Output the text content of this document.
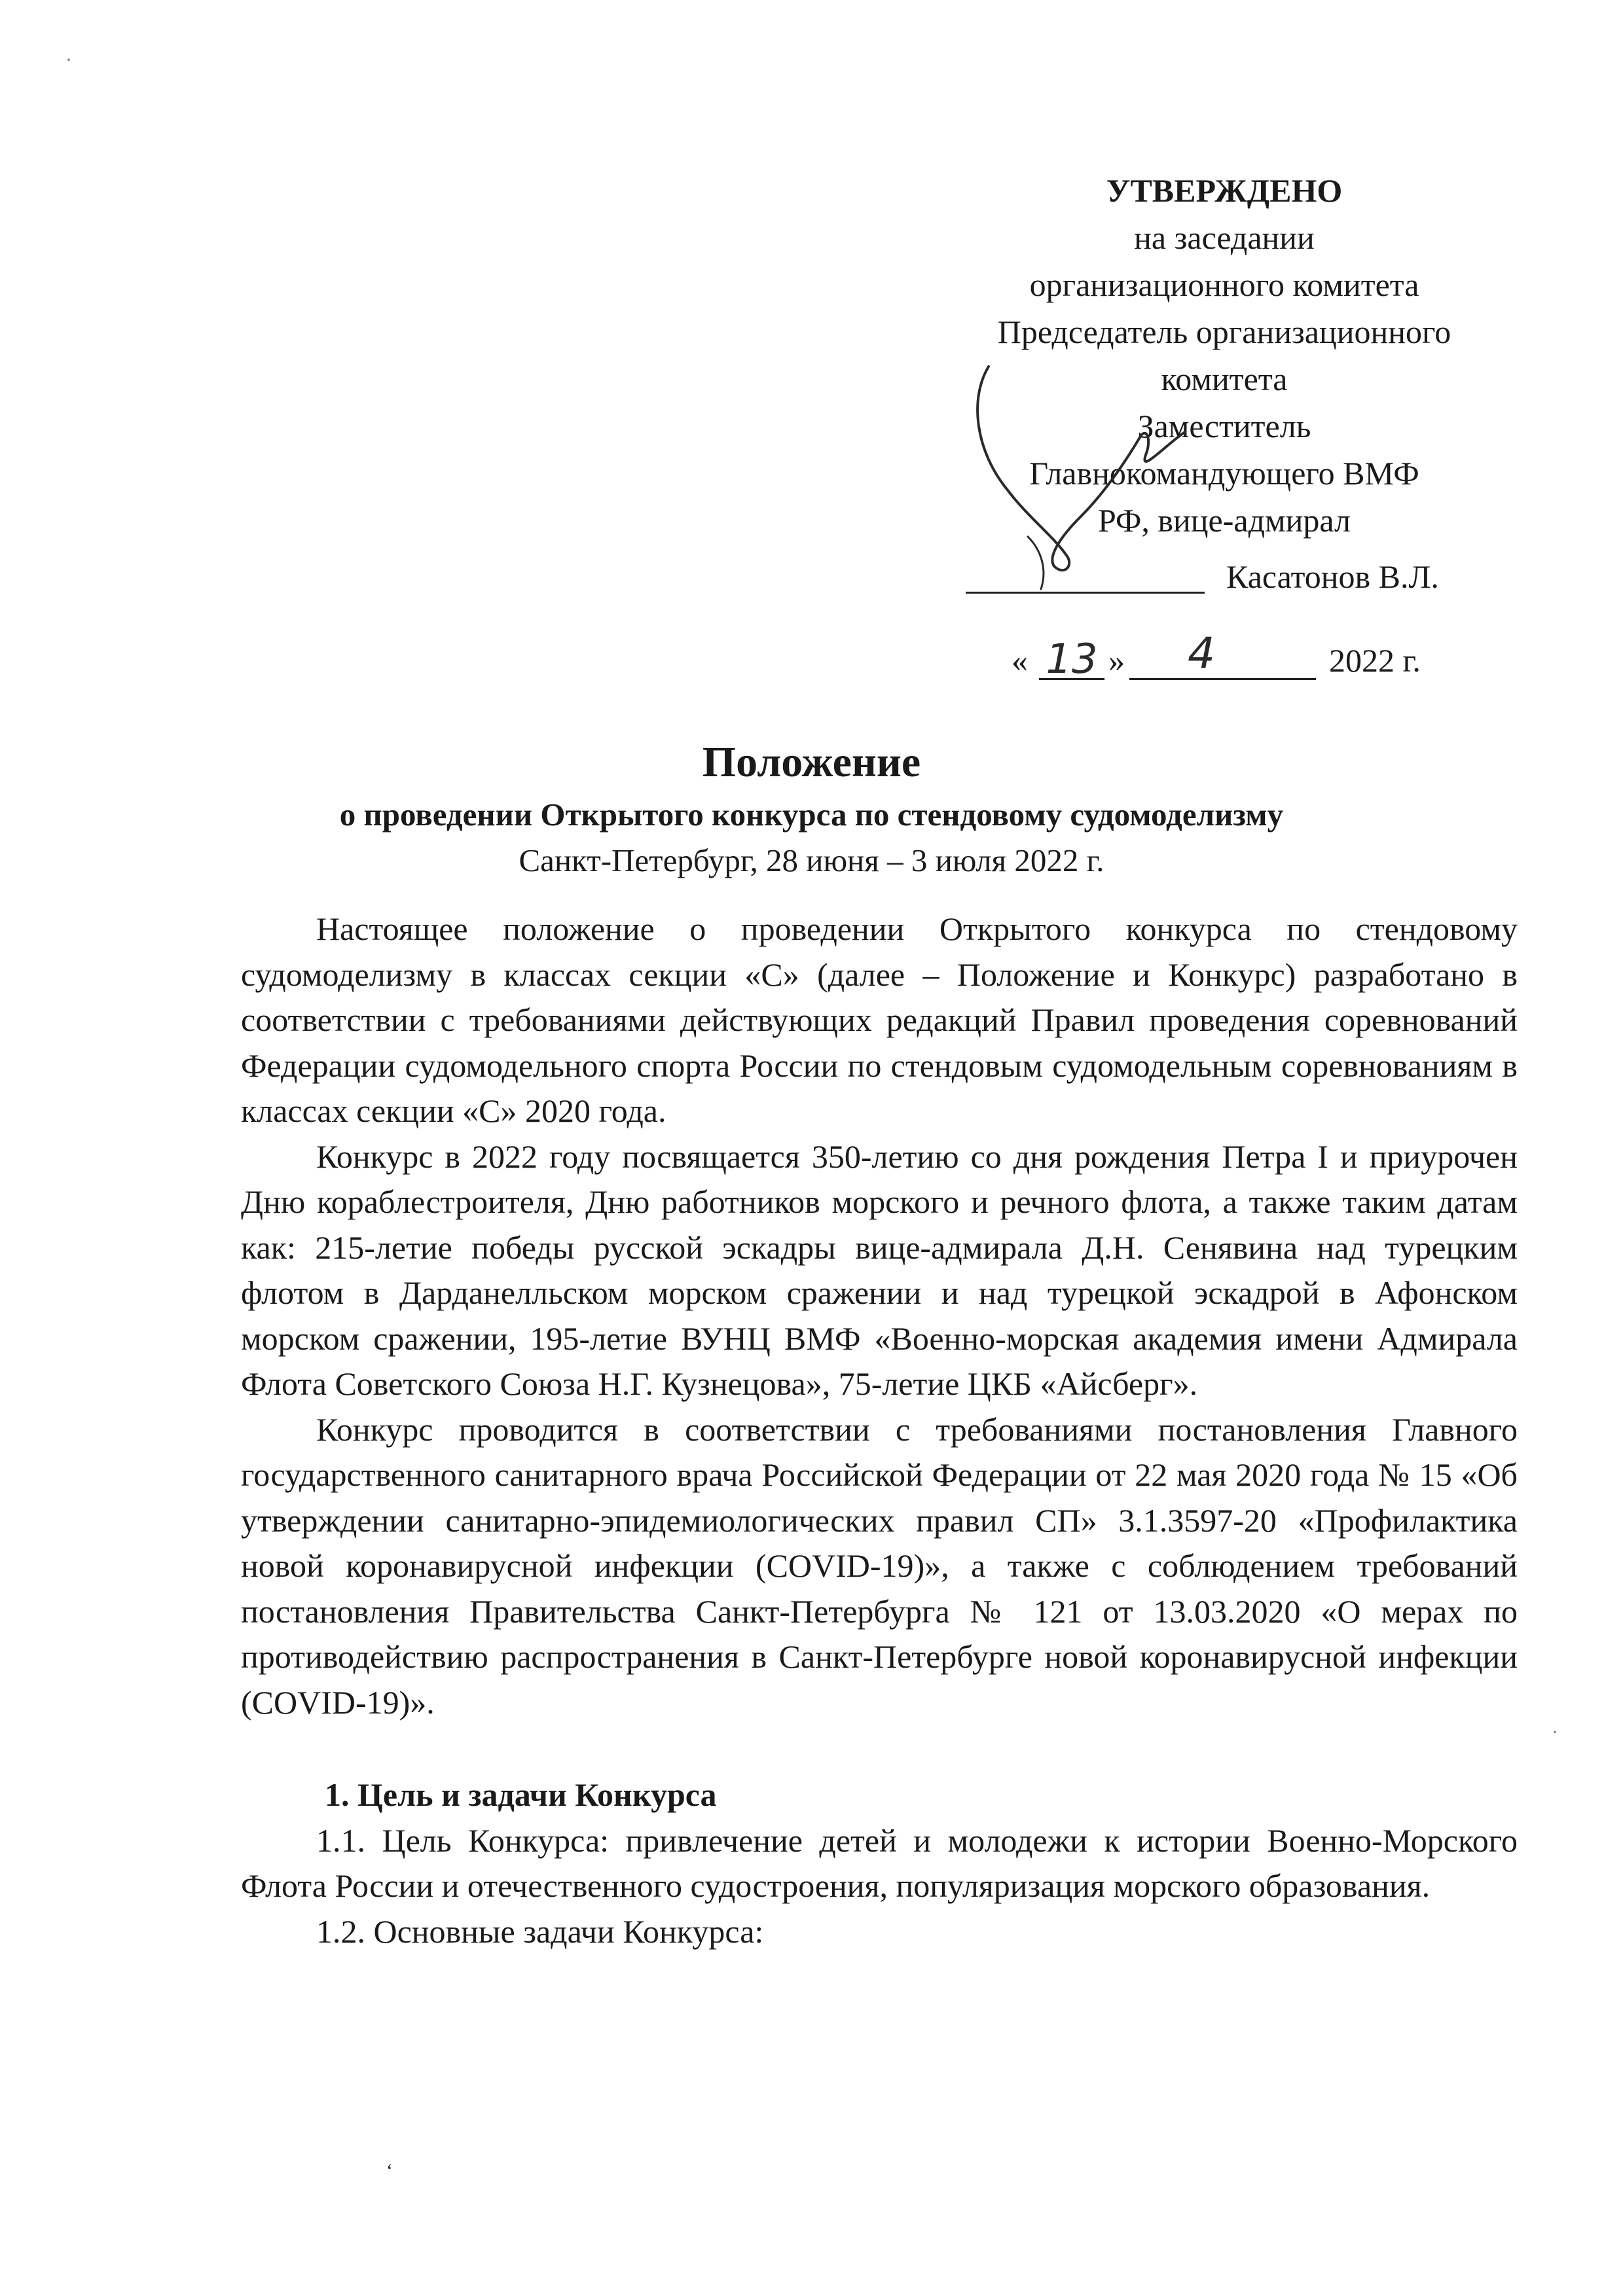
·
УТВЕРЖДЕНО
на заседании
организационного комитета
Председатель организационного
комитета
Заместитель
Главнокомандующего ВМФ
РФ, вице-адмирал
Касатонов В.Л.
« 13 »	4	2022 г.
Положение
о проведении Открытого конкурса по стендовому судомоделизму
Санкт-Петербург, 28 июня – 3 июля 2022 г.

Настоящее положение о проведении Открытого конкурса по стендовому судомоделизму в классах секции «С» (далее – Положение и Конкурс) разработано в соответствии с требованиями действующих редакций Правил проведения соревнований Федерации судомодельного спорта России по стендовым судомодельным соревнованиям в классах секции «С» 2020 года.

Конкурс в 2022 году посвящается 350-летию со дня рождения Петра I и приурочен Дню кораблестроителя, Дню работников морского и речного флота, а также таким датам как: 215-летие победы русской эскадры вице-адмирала Д.Н. Сенявина над турецким флотом в Дарданелльском морском сражении и над турецкой эскадрой в Афонском морском сражении, 195-летие ВУНЦ ВМФ «Военно-морская академия имени Адмирала Флота Советского Союза Н.Г. Кузнецова», 75-летие ЦКБ «Айсберг».

Конкурс проводится в соответствии с требованиями постановления Главного государственного санитарного врача Российской Федерации от 22 мая 2020 года № 15 «Об утверждении санитарно-эпидемиологических правил СП» 3.1.3597-20 «Профилактика новой коронавирусной инфекции (COVID-19)», а также с соблюдением требований постановления Правительства Санкт-Петербурга № 121 от 13.03.2020 «О мерах по противодействию распространения в Санкт-Петербурге новой коронавирусной инфекции (COVID-19)».

1. Цель и задачи Конкурса

1.1. Цель Конкурса: привлечение детей и молодежи к истории Военно-Морского Флота России и отечественного судостроения, популяризация морского образования.

1.2. Основные задачи Конкурса:

·
‘
